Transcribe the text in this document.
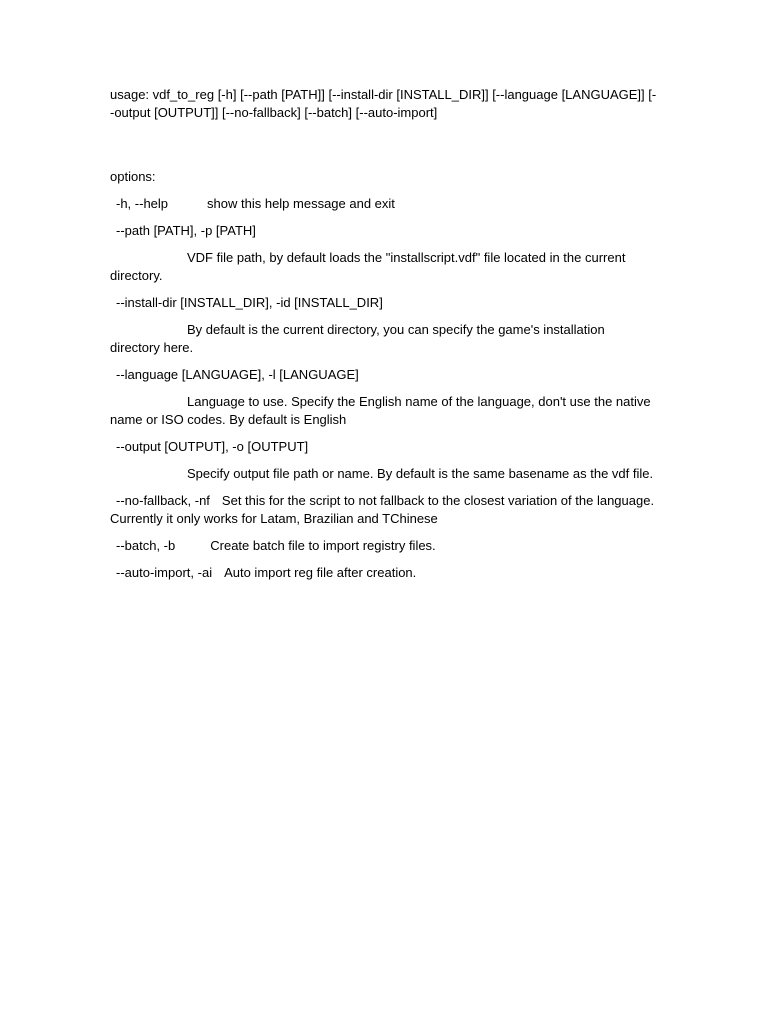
usage: vdf_to_reg [-h] [--path [PATH]] [--install-dir [INSTALL_DIR]] [--language [LANGUAGE]] [--output [OUTPUT]] [--no-fallback] [--batch] [--auto-import]

options:

-h, --help	show this help message and exit

--path [PATH], -p [PATH]

VDF file path, by default loads the "installscript.vdf" file located in the current directory.

--install-dir [INSTALL_DIR], -id [INSTALL_DIR]

By default is the current directory, you can specify the game's installation directory here.

--language [LANGUAGE], -l [LANGUAGE]

Language to use. Specify the English name of the language, don't use the native name or ISO codes. By default is English

--output [OUTPUT], -o [OUTPUT]

Specify output file path or name. By default is the same basename as the vdf file.

--no-fallback, -nf Set this for the script to not fallback to the closest variation of the language. Currently it only works for Latam, Brazilian and TChinese

--batch, -b	Create batch file to import registry files.

--auto-import, -ai Auto import reg file after creation.
